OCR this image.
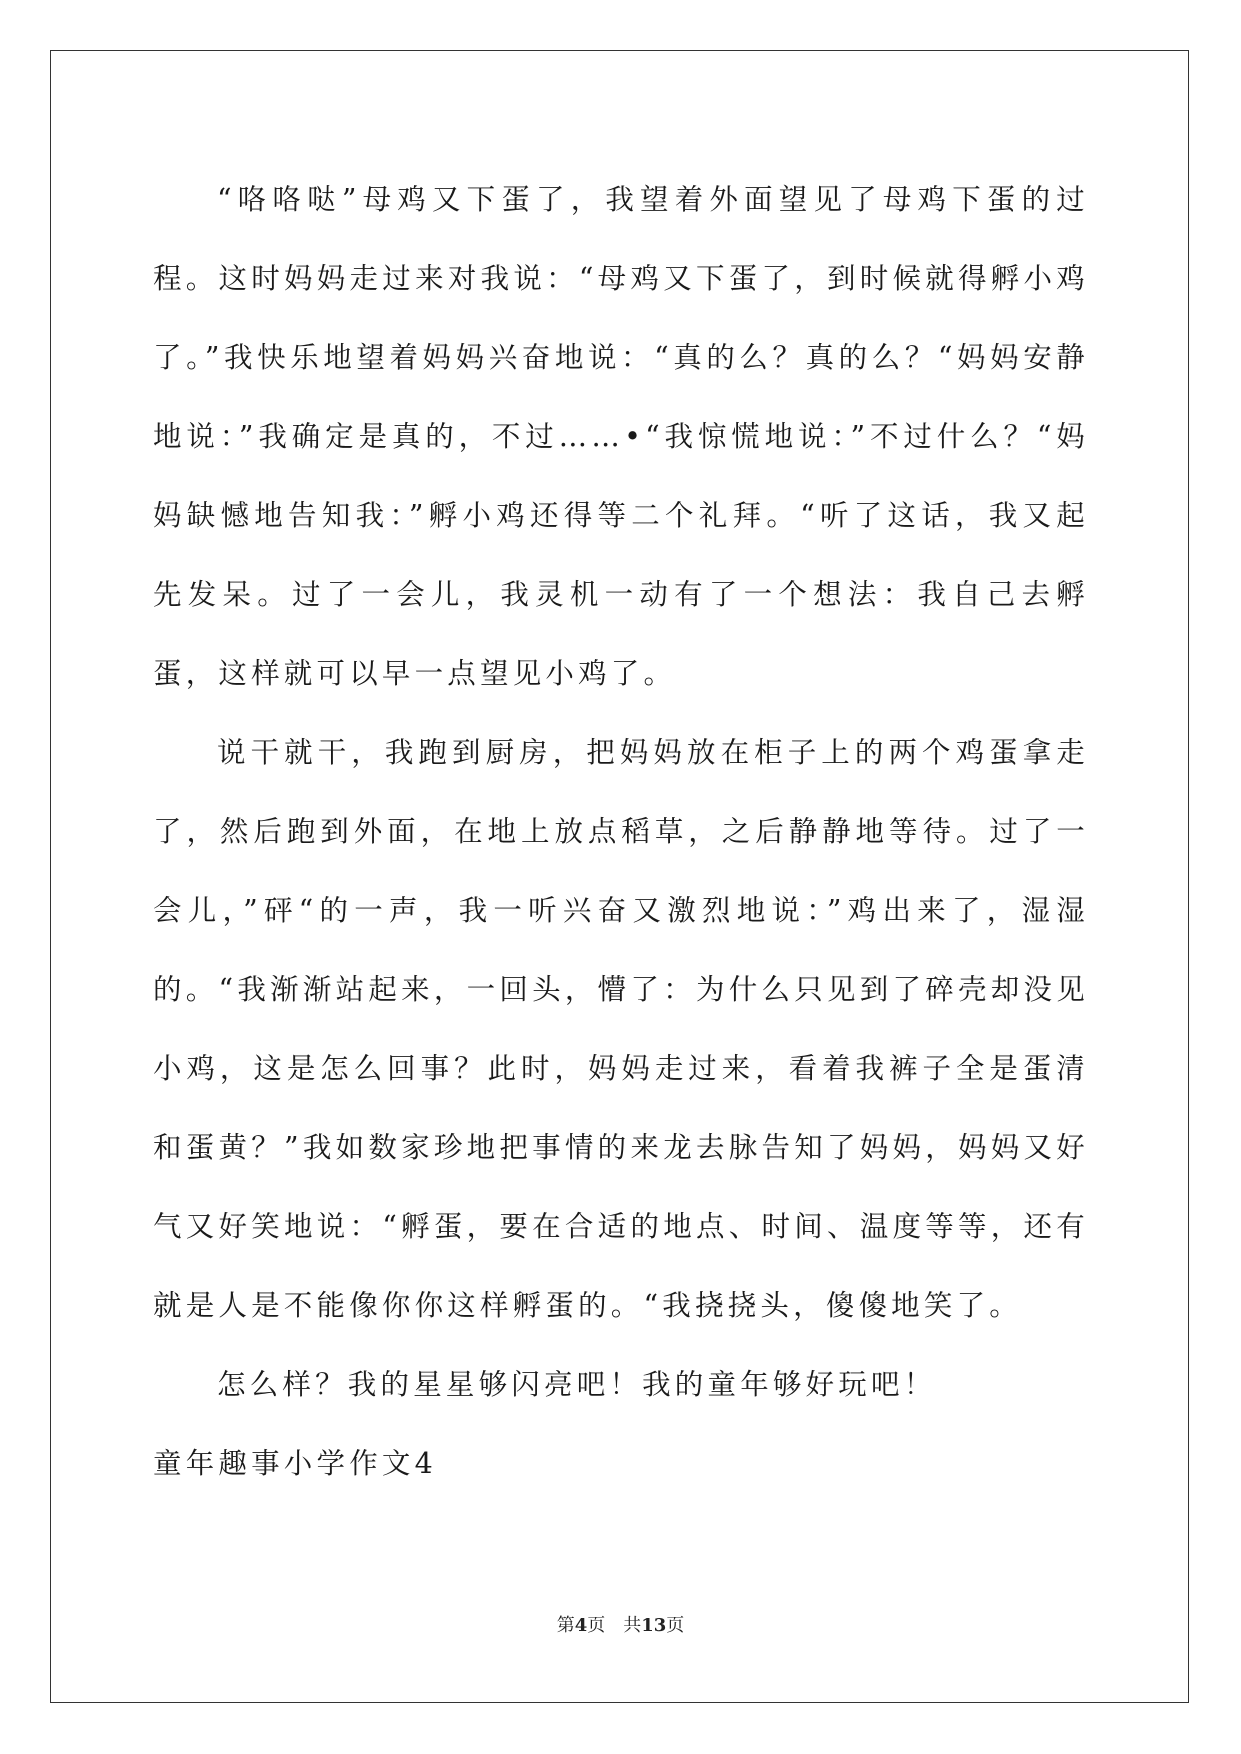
“咯咯哒”母鸡又下蛋了，我望着外面望见了母鸡下蛋的过程。这时妈妈走过来对我说：“母鸡又下蛋了，到时候就得孵小鸡了。”我快乐地望着妈妈兴奋地说：“真的么？真的么？“妈妈安静地说：”我确定是真的，不过……•“我惊慌地说：”不过什么？“妈妈缺憾地告知我：”孵小鸡还得等二个礼拜。“听了这话，我又起先发呆。过了一会儿，我灵机一动有了一个想法：我自己去孵蛋，这样就可以早一点望见小鸡了。

说干就干，我跑到厨房，把妈妈放在柜子上的两个鸡蛋拿走了，然后跑到外面，在地上放点稻草，之后静静地等待。过了一会儿，”砰“的一声，我一听兴奋又激烈地说：”鸡出来了，湿湿的。“我渐渐站起来，一回头，懵了：为什么只见到了碎壳却没见小鸡，这是怎么回事？此时，妈妈走过来，看着我裤子全是蛋清和蛋黄？”我如数家珍地把事情的来龙去脉告知了妈妈，妈妈又好气又好笑地说：“孵蛋，要在合适的地点、时间、温度等等，还有就是人是不能像你你这样孵蛋的。“我挠挠头，傻傻地笑了。

怎么样？我的星星够闪亮吧！我的童年够好玩吧！

童年趣事小学作文4

第4页　共13页
